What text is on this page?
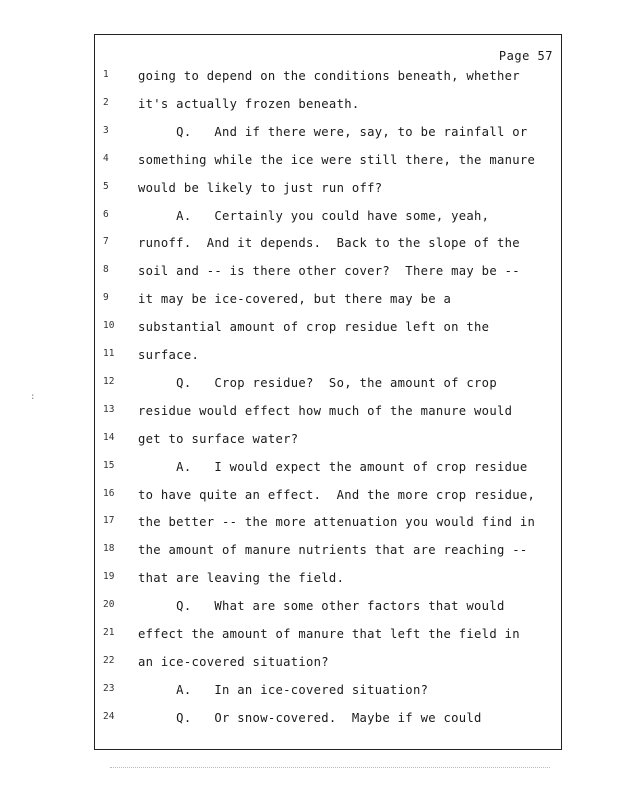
Page 57
1	going to depend on the conditions beneath, whether
2	it's actually frozen beneath.
3	Q.   And if there were, say, to be rainfall or
4	something while the ice were still there, the manure
5	would be likely to just run off?
6	A.   Certainly you could have some, yeah,
7	runoff.  And it depends.  Back to the slope of the
8	soil and -- is there other cover?  There may be --
9	it may be ice-covered, but there may be a
10	substantial amount of crop residue left on the
11	surface.
12	Q.   Crop residue?  So, the amount of crop
13	residue would effect how much of the manure would
14	get to surface water?
15	A.   I would expect the amount of crop residue
16	to have quite an effect.  And the more crop residue,
17	the better -- the more attenuation you would find in
18	the amount of manure nutrients that are reaching --
19	that are leaving the field.
20	Q.   What are some other factors that would
21	effect the amount of manure that left the field in
22	an ice-covered situation?
23	A.   In an ice-covered situation?
24	Q.   Or snow-covered.  Maybe if we could
:
